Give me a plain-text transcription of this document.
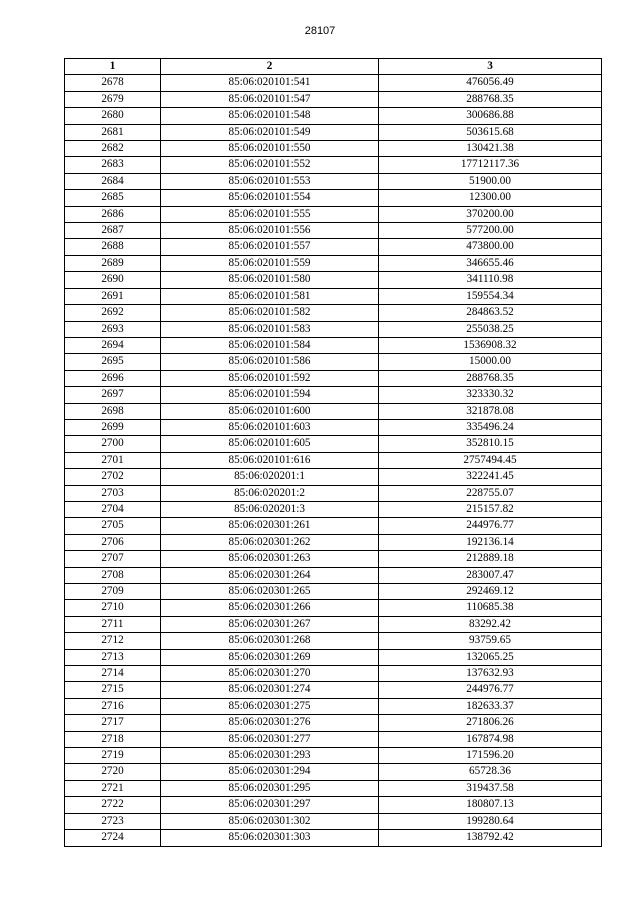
28107
1	2	3
2678	85:06:020101:541	476056.49
2679	85:06:020101:547	288768.35
2680	85:06:020101:548	300686.88
2681	85:06:020101:549	503615.68
2682	85:06:020101:550	130421.38
2683	85:06:020101:552	17712117.36
2684	85:06:020101:553	51900.00
2685	85:06:020101:554	12300.00
2686	85:06:020101:555	370200.00
2687	85:06:020101:556	577200.00
2688	85:06:020101:557	473800.00
2689	85:06:020101:559	346655.46
2690	85:06:020101:580	341110.98
2691	85:06:020101:581	159554.34
2692	85:06:020101:582	284863.52
2693	85:06:020101:583	255038.25
2694	85:06:020101:584	1536908.32
2695	85:06:020101:586	15000.00
2696	85:06:020101:592	288768.35
2697	85:06:020101:594	323330.32
2698	85:06:020101:600	321878.08
2699	85:06:020101:603	335496.24
2700	85:06:020101:605	352810.15
2701	85:06:020101:616	2757494.45
2702	85:06:020201:1	322241.45
2703	85:06:020201:2	228755.07
2704	85:06:020201:3	215157.82
2705	85:06:020301:261	244976.77
2706	85:06:020301:262	192136.14
2707	85:06:020301:263	212889.18
2708	85:06:020301:264	283007.47
2709	85:06:020301:265	292469.12
2710	85:06:020301:266	110685.38
2711	85:06:020301:267	83292.42
2712	85:06:020301:268	93759.65
2713	85:06:020301:269	132065.25
2714	85:06:020301:270	137632.93
2715	85:06:020301:274	244976.77
2716	85:06:020301:275	182633.37
2717	85:06:020301:276	271806.26
2718	85:06:020301:277	167874.98
2719	85:06:020301:293	171596.20
2720	85:06:020301:294	65728.36
2721	85:06:020301:295	319437.58
2722	85:06:020301:297	180807.13
2723	85:06:020301:302	199280.64
2724	85:06:020301:303	138792.42
